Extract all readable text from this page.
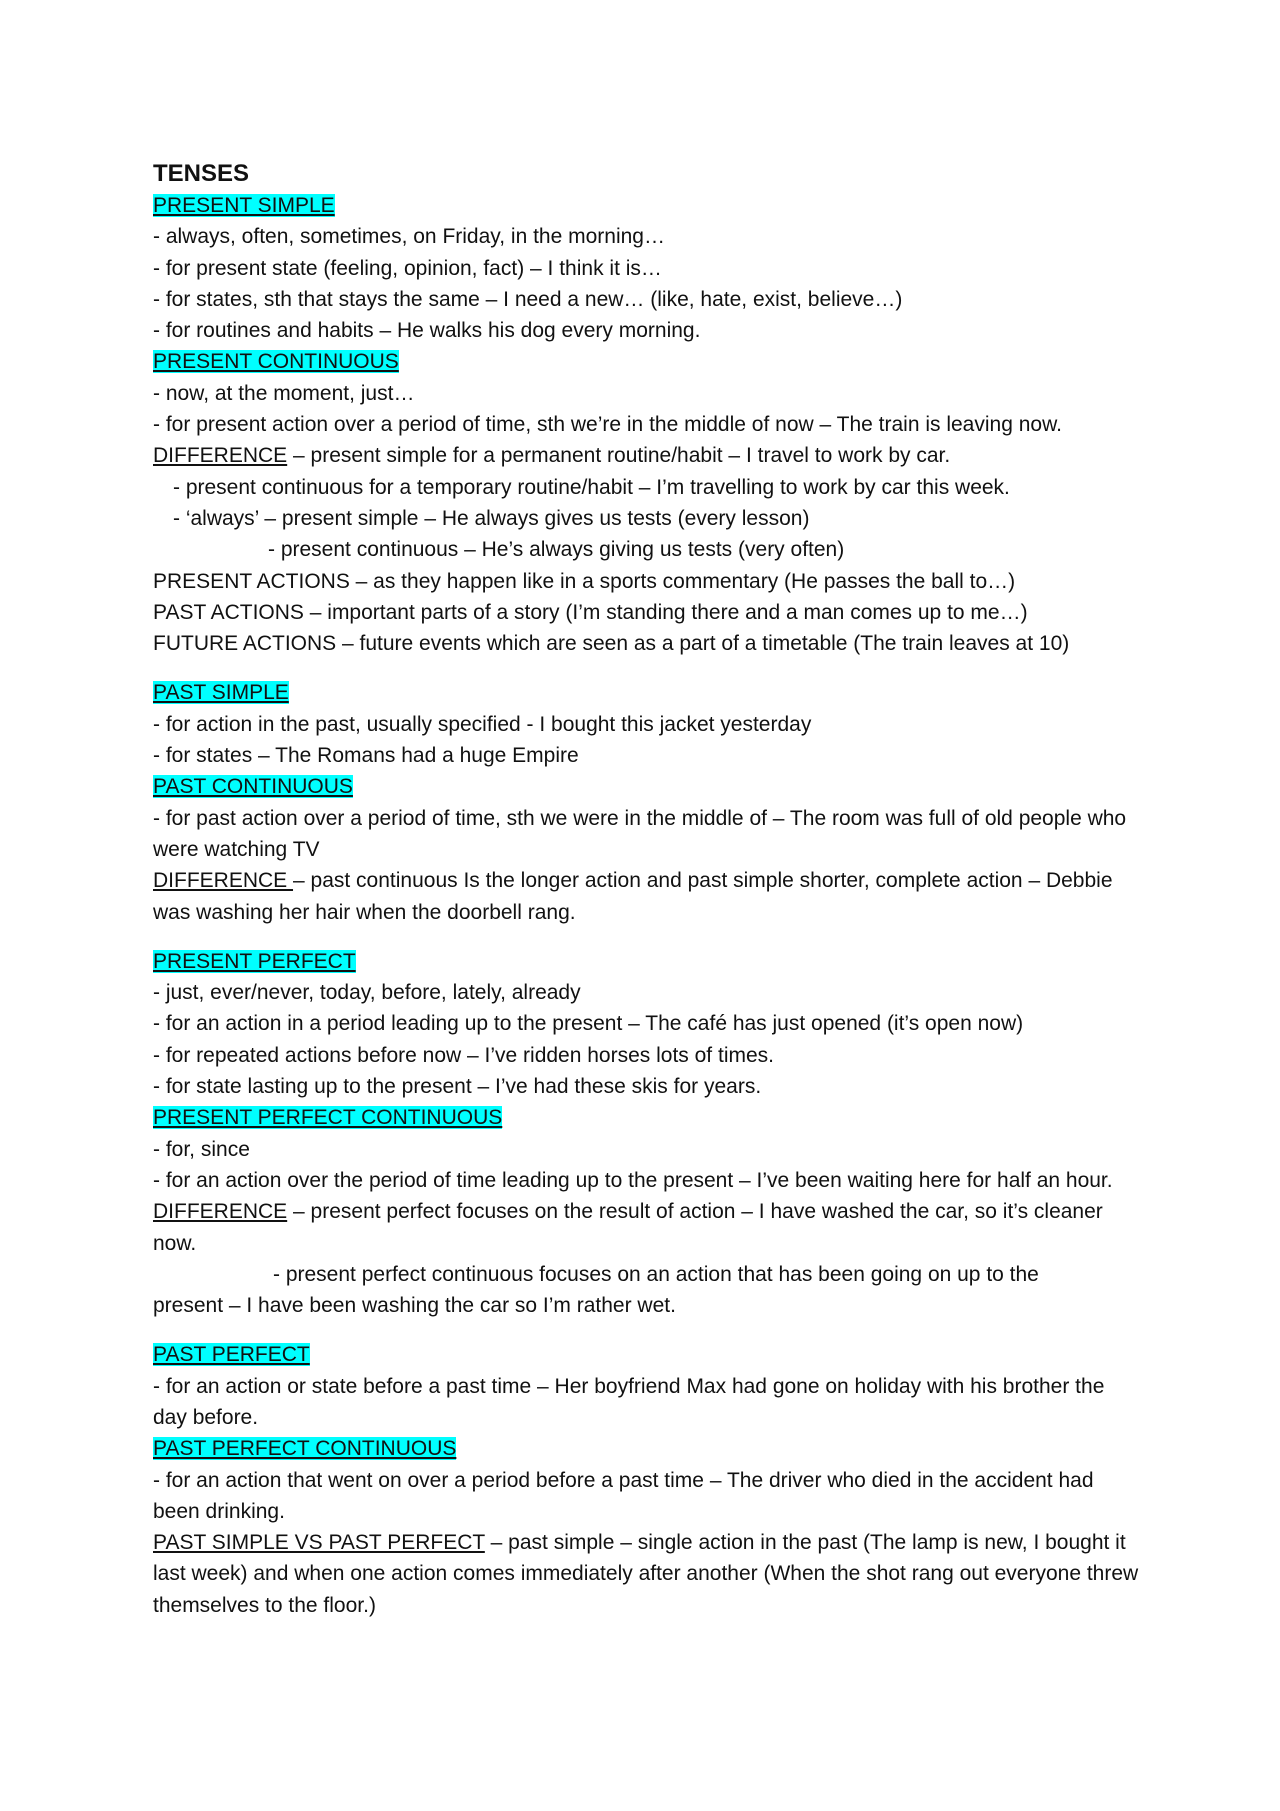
TENSES

PRESENT SIMPLE

- always, often, sometimes, on Friday, in the morning…

- for present state (feeling, opinion, fact) – I think it is…

- for states, sth that stays the same – I need a new… (like, hate, exist, believe…)

- for routines and habits – He walks his dog every morning.

PRESENT CONTINUOUS

- now, at the moment, just…

- for present action over a period of time, sth we’re in the middle of now – The train is leaving now.

DIFFERENCE – present simple for a permanent routine/habit – I travel to work by car.

- present continuous for a temporary routine/habit – I’m travelling to work by car this week.

- ‘always’ – present simple – He always gives us tests (every lesson)

- present continuous – He’s always giving us tests (very often)

PRESENT ACTIONS – as they happen like in a sports commentary (He passes the ball to…)

PAST ACTIONS – important parts of a story (I’m standing there and a man comes up to me…)

FUTURE ACTIONS – future events which are seen as a part of a timetable (The train leaves at 10)

PAST SIMPLE

- for action in the past, usually specified - I bought this jacket yesterday

- for states – The Romans had a huge Empire

PAST CONTINUOUS

- for past action over a period of time, sth we were in the middle of – The room was full of old people who were watching TV

DIFFERENCE – past continuous Is the longer action and past simple shorter, complete action – Debbie was washing her hair when the doorbell rang.

PRESENT PERFECT

- just, ever/never, today, before, lately, already

- for an action in a period leading up to the present – The café has just opened (it’s open now)

- for repeated actions before now – I’ve ridden horses lots of times.

- for state lasting up to the present – I’ve had these skis for years.

PRESENT PERFECT CONTINUOUS

- for, since

- for an action over the period of time leading up to the present – I’ve been waiting here for half an hour.

DIFFERENCE – present perfect focuses on the result of action – I have washed the car, so it’s cleaner now.

- present perfect continuous focuses on an action that has been going on up to the

present – I have been washing the car so I’m rather wet.

PAST PERFECT

- for an action or state before a past time – Her boyfriend Max had gone on holiday with his brother the day before.

PAST PERFECT CONTINUOUS

- for an action that went on over a period before a past time – The driver who died in the accident had been drinking.

PAST SIMPLE VS PAST PERFECT – past simple – single action in the past (The lamp is new, I bought it last week) and when one action comes immediately after another (When the shot rang out everyone threw themselves to the floor.)
